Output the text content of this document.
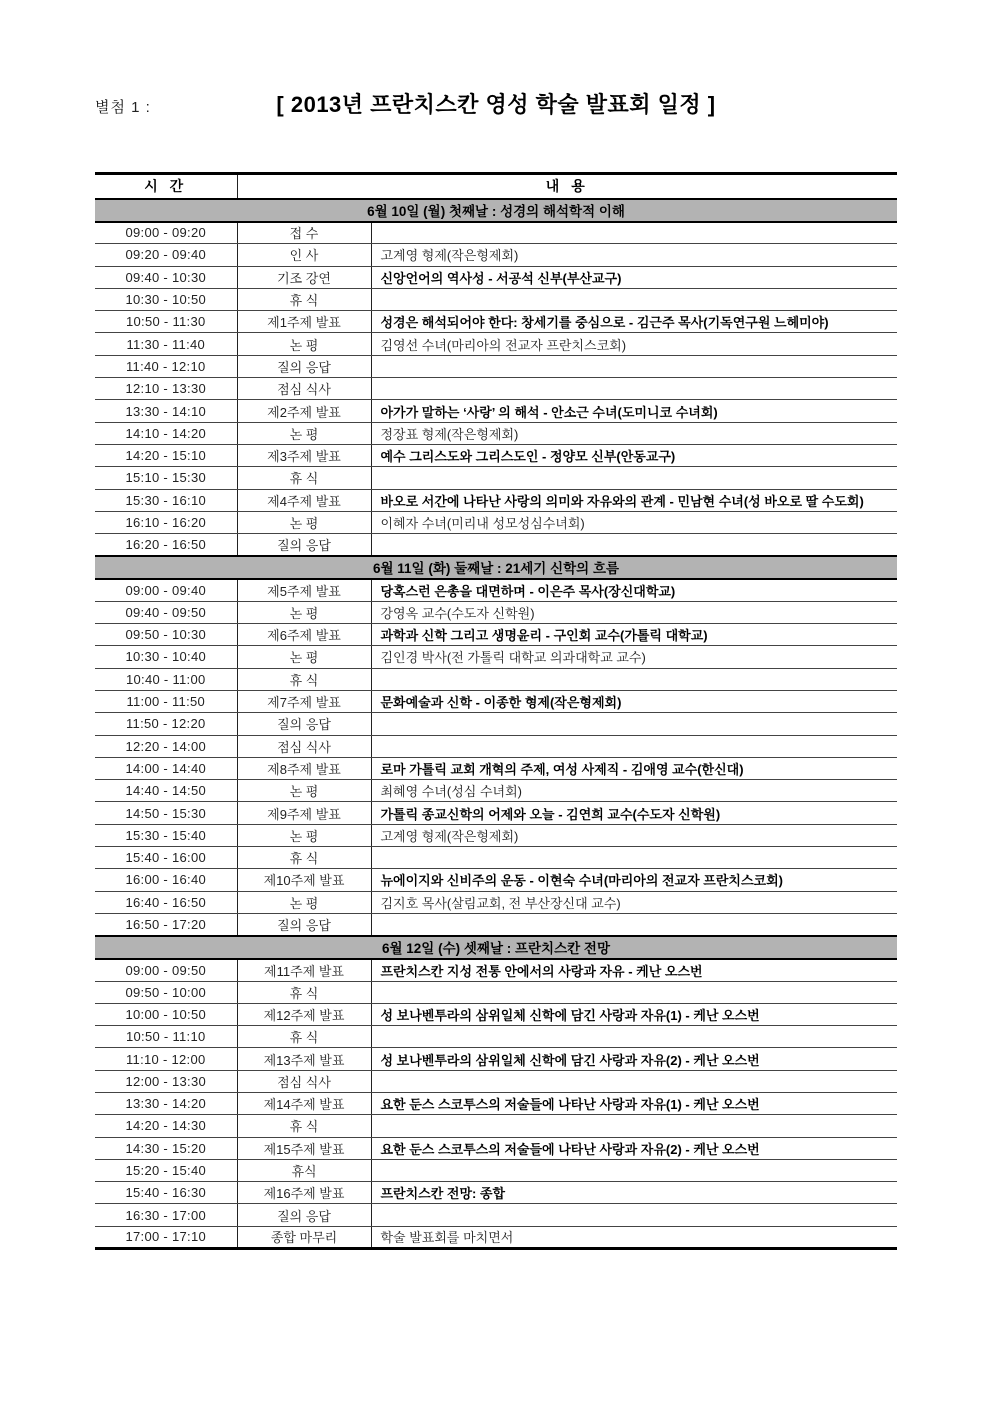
별첨 1 :	[ 2013년 프란치스칸 영성 학술 발표회 일정 ]
시 간	내 용	
6월 10일 (월) 첫째날 : 성경의 해석학적 이해		
09:00 - 09:20	접 수	
09:20 - 09:40	인 사	고계영 형제(작은형제회)
09:40 - 10:30	기조 강연	신앙언어의 역사성 - 서공석 신부(부산교구)
10:30 - 10:50	휴 식	
10:50 - 11:30	제1주제 발표	성경은 해석되어야 한다: 창세기를 중심으로 - 김근주 목사(기독연구원 느헤미야)
11:30 - 11:40	논 평	김영선 수녀(마리아의 전교자 프란치스코회)
11:40 - 12:10	질의 응답	
12:10 - 13:30	점심 식사	
13:30 - 14:10	제2주제 발표	아가가 말하는 ‘사랑’ 의 해석 - 안소근 수녀(도미니코 수녀회)
14:10 - 14:20	논 평	정장표 형제(작은형제회)
14:20 - 15:10	제3주제 발표	예수 그리스도와 그리스도인 - 정양모 신부(안동교구)
15:10 - 15:30	휴 식	
15:30 - 16:10	제4주제 발표	바오로 서간에 나타난 사랑의 의미와 자유와의 관계 - 민남현 수녀(성 바오로 딸 수도회)
16:10 - 16:20	논 평	이혜자 수녀(미리내 성모성심수녀회)
16:20 - 16:50	질의 응답	
6월 11일 (화) 둘째날 : 21세기 신학의 흐름		
09:00 - 09:40	제5주제 발표	당혹스런 은총을 대면하며 - 이은주 목사(장신대학교)
09:40 - 09:50	논 평	강영옥 교수(수도자 신학원)
09:50 - 10:30	제6주제 발표	과학과 신학 그리고 생명윤리 - 구인회 교수(가톨릭 대학교)
10:30 - 10:40	논 평	김인경 박사(전 가톨릭 대학교 의과대학교 교수)
10:40 - 11:00	휴 식	
11:00 - 11:50	제7주제 발표	문화예술과 신학 - 이종한 형제(작은형제회)
11:50 - 12:20	질의 응답	
12:20 - 14:00	점심 식사	
14:00 - 14:40	제8주제 발표	로마 가톨릭 교회 개혁의 주제, 여성 사제직 - 김애영 교수(한신대)
14:40 - 14:50	논 평	최혜영 수녀(성심 수녀회)
14:50 - 15:30	제9주제 발표	가톨릭 종교신학의 어제와 오늘 - 김연희 교수(수도자 신학원)
15:30 - 15:40	논 평	고계영 형제(작은형제회)
15:40 - 16:00	휴 식	
16:00 - 16:40	제10주제 발표	뉴에이지와 신비주의 운동 - 이현숙 수녀(마리아의 전교자 프란치스코회)
16:40 - 16:50	논 평	김지호 목사(살림교회, 전 부산장신대 교수)
16:50 - 17:20	질의 응답	
6월 12일 (수) 셋째날 : 프란치스칸 전망		
09:00 - 09:50	제11주제 발표	프란치스칸 지성 전통 안에서의 사랑과 자유 - 케난 오스번
09:50 - 10:00	휴 식	
10:00 - 10:50	제12주제 발표	성 보나벤투라의 삼위일체 신학에 담긴 사랑과 자유(1) - 케난 오스번
10:50 - 11:10	휴 식	
11:10 - 12:00	제13주제 발표	성 보나벤투라의 삼위일체 신학에 담긴 사랑과 자유(2) - 케난 오스번
12:00 - 13:30	점심 식사	
13:30 - 14:20	제14주제 발표	요한 둔스 스코투스의 저술들에 나타난 사랑과 자유(1) - 케난 오스번
14:20 - 14:30	휴 식	
14:30 - 15:20	제15주제 발표	요한 둔스 스코투스의 저술들에 나타난 사랑과 자유(2) - 케난 오스번
15:20 - 15:40	휴식	
15:40 - 16:30	제16주제 발표	프란치스칸 전망: 종합
16:30 - 17:00	질의 응답	
17:00 - 17:10	종합 마무리	학술 발표회를 마치면서
